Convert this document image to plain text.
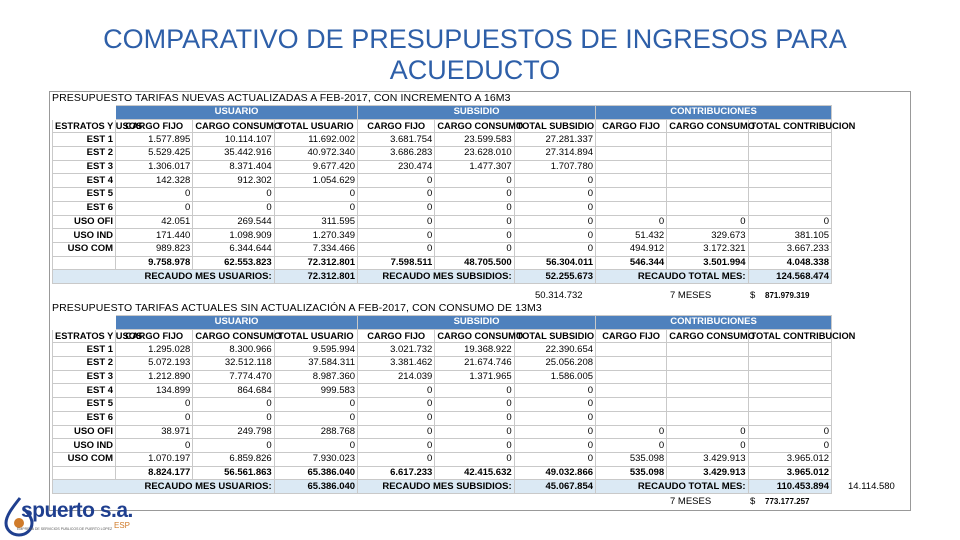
COMPARATIVO DE PRESUPUESTOS DE INGRESOS PARA ACUEDUCTO
PRESUPUESTO TARIFAS NUEVAS ACTUALIZADAS A FEB-2017, CON INCREMENTO A 16M3
	USUARIO			SUBSIDIO			CONTRIBUCIONES		
ESTRATOS Y USOS	CARGO FIJO	CARGO CONSUMO	TOTAL USUARIO	CARGO FIJO	CARGO CONSUMO	TOTAL SUBSIDIO	CARGO FIJO	CARGO CONSUMO	TOTAL CONTRIBUCION
EST 1	1.577.895	10.114.107	11.692.002	3.681.754	23.599.583	27.281.337			
EST 2	5.529.425	35.442.916	40.972.340	3.686.283	23.628.010	27.314.894			
EST 3	1.306.017	8.371.404	9.677.420	230.474	1.477.307	1.707.780			
EST 4	142.328	912.302	1.054.629	0	0	0			
EST 5	0	0	0	0	0	0			
EST 6	0	0	0	0	0	0			
USO OFI	42.051	269.544	311.595	0	0	0	0	0	0
USO IND	171.440	1.098.909	1.270.349	0	0	0	51.432	329.673	381.105
USO COM	989.823	6.344.644	7.334.466	0	0	0	494.912	3.172.321	3.667.233
	9.758.978	62.553.823	72.312.801	7.598.511	48.705.500	56.304.011	546.344	3.501.994	4.048.338
RECAUDO MES USUARIOS:			72.312.801	RECAUDO MES SUBSIDIOS:		52.255.673	RECAUDO TOTAL MES:		124.568.474
50.314.732	7 MESES	$ 871.979.319
PRESUPUESTO TARIFAS ACTUALES SIN ACTUALIZACIÓN A FEB-2017, CON CONSUMO DE 13M3
	USUARIO			SUBSIDIO			CONTRIBUCIONES		
ESTRATOS Y USOS	CARGO FIJO	CARGO CONSUMO	TOTAL USUARIO	CARGO FIJO	CARGO CONSUMO	TOTAL SUBSIDIO	CARGO FIJO	CARGO CONSUMO	TOTAL CONTRIBUCION
EST 1	1.295.028	8.300.966	9.595.994	3.021.732	19.368.922	22.390.654			
EST 2	5.072.193	32.512.118	37.584.311	3.381.462	21.674.746	25.056.208			
EST 3	1.212.890	7.774.470	8.987.360	214.039	1.371.965	1.586.005			
EST 4	134.899	864.684	999.583	0	0	0			
EST 5	0	0	0	0	0	0			
EST 6	0	0	0	0	0	0			
USO OFI	38.971	249.798	288.768	0	0	0	0	0	0
USO IND	0	0	0	0	0	0	0	0	0
USO COM	1.070.197	6.859.826	7.930.023	0	0	0	535.098	3.429.913	3.965.012
	8.824.177	56.561.863	65.386.040	6.617.233	42.415.632	49.032.866	535.098	3.429.913	3.965.012
RECAUDO MES USUARIOS:			65.386.040	RECAUDO MES SUBSIDIOS:		45.067.854	RECAUDO TOTAL MES:		110.453.894
7 MESES	$ 773.177.257
14.114.580
spuerto s.a.
ESP
EMPRESA DE SERVICIOS PUBLICOS DE PUERTO LOPEZ
